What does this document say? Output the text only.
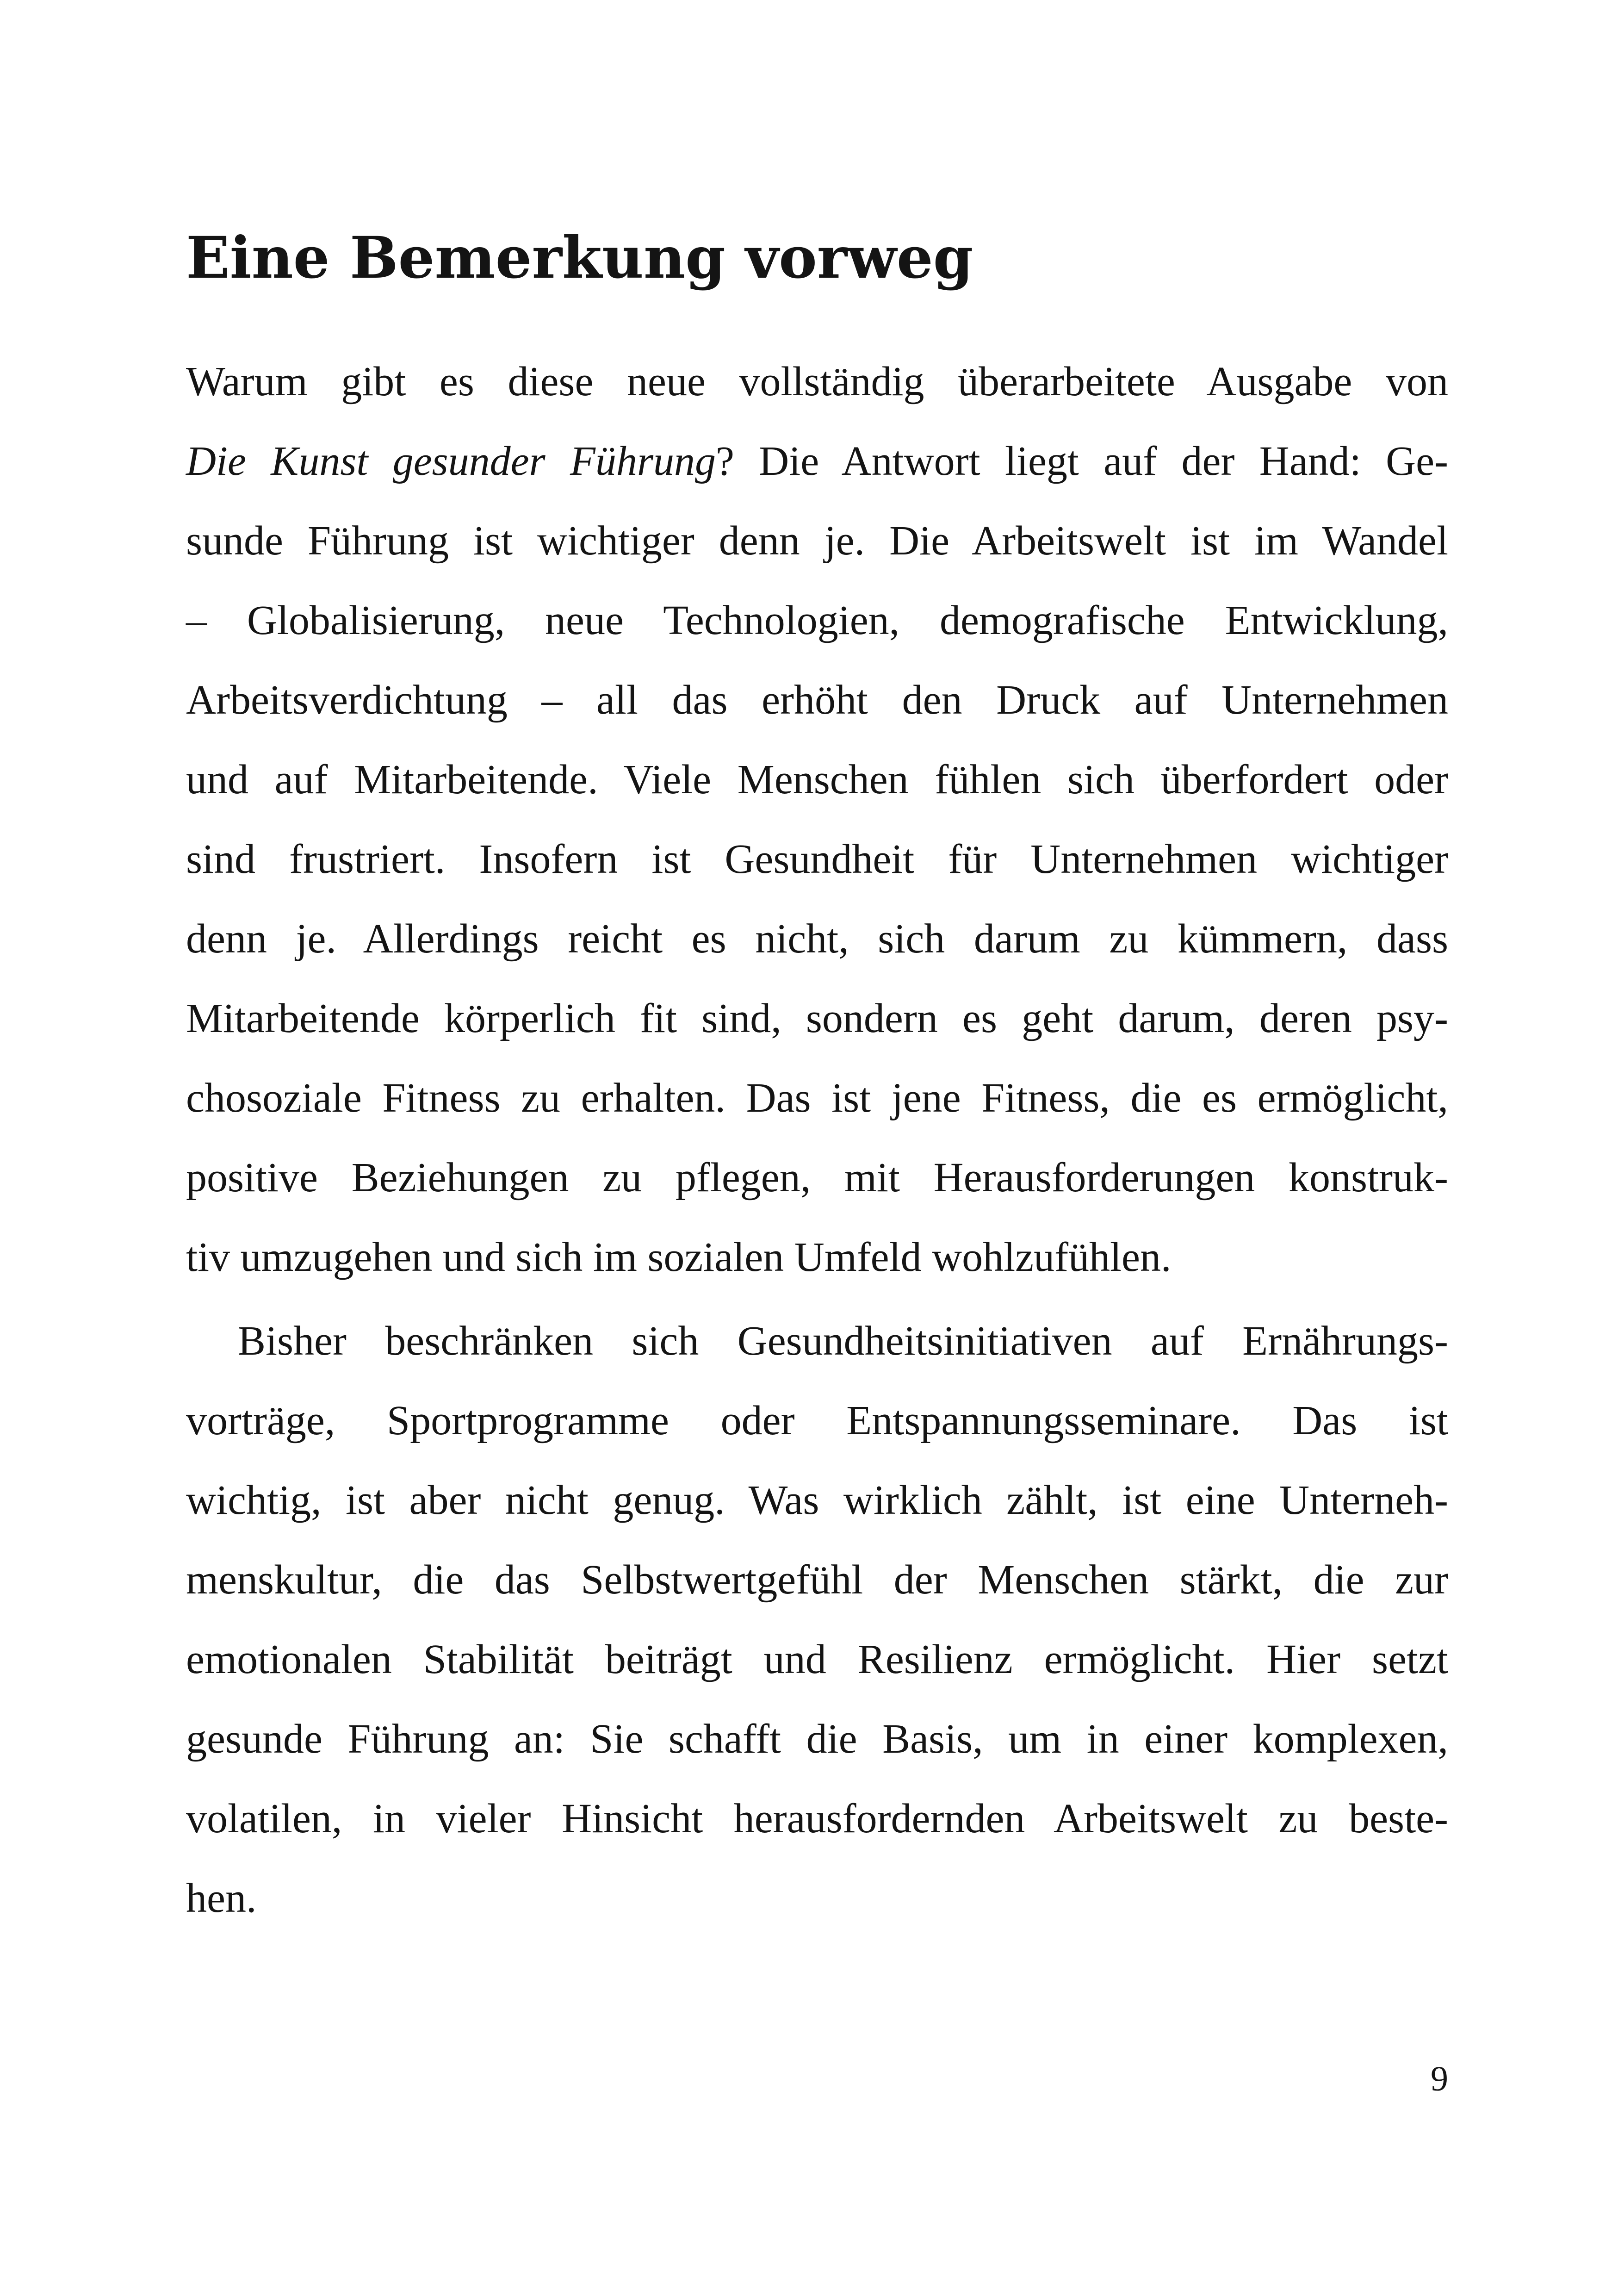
Eine Bemerkung vorweg
Warum gibt es diese neue vollständig überarbeitete Ausgabe von
Die Kunst gesunder Führung? Die Antwort liegt auf der Hand: Ge-
sunde Führung ist wichtiger denn je. Die Arbeitswelt ist im Wandel
– Globalisierung, neue Technologien, demografische Entwicklung,
Arbeitsverdichtung – all das erhöht den Druck auf Unternehmen
und auf Mitarbeitende. Viele Menschen fühlen sich überfordert oder
sind frustriert. Insofern ist Gesundheit für Unternehmen wichtiger
denn je. Allerdings reicht es nicht, sich darum zu kümmern, dass
Mitarbeitende körperlich fit sind, sondern es geht darum, deren psy-
chosoziale Fitness zu erhalten. Das ist jene Fitness, die es ermöglicht,
positive Beziehungen zu pflegen, mit Herausforderungen konstruk-
tiv umzugehen und sich im sozialen Umfeld wohlzufühlen.
Bisher beschränken sich Gesundheitsinitiativen auf Ernährungs-
vorträge, Sportprogramme oder Entspannungsseminare. Das ist
wichtig, ist aber nicht genug. Was wirklich zählt, ist eine Unterneh-
menskultur, die das Selbstwertgefühl der Menschen stärkt, die zur
emotionalen Stabilität beiträgt und Resilienz ermöglicht. Hier setzt
gesunde Führung an: Sie schafft die Basis, um in einer komplexen,
volatilen, in vieler Hinsicht herausfordernden Arbeitswelt zu beste-
hen.
9
